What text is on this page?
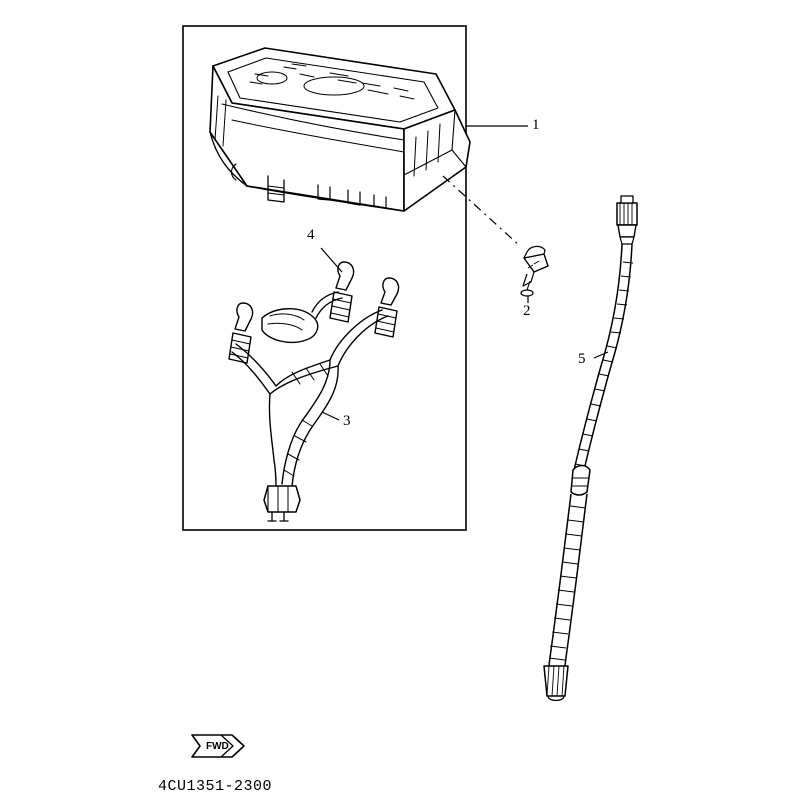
1
2
3
4
5
FWD
4CU1351-2300
